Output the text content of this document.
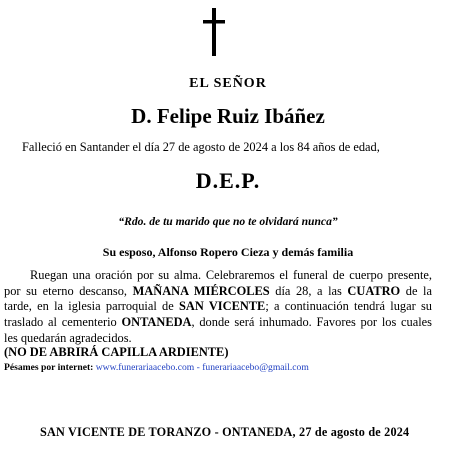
EL SEÑOR
D. Felipe Ruiz Ibáñez
Falleció en Santander el día 27 de agosto de 2024 a los 84 años de edad,
D.E.P.
“Rdo. de tu marido que no te olvidará nunca”
Su esposo, Alfonso Ropero Cieza y demás familia

Ruegan una oración por su alma. Celebraremos el funeral de cuerpo presente, por su eterno descanso, MAÑANA MIÉRCOLES día 28, a las CUATRO de la tarde, en la iglesia parroquial de SAN VICENTE; a continuación tendrá lugar su traslado al cementerio ONTANEDA, donde será inhumado. Favores por los cuales les quedarán agradecidos.

(NO DE ABRIRÁ CAPILLA ARDIENTE)
Pésames por internet: www.funerariaacebo.com - funerariaacebo@gmail.com
SAN VICENTE DE TORANZO - ONTANEDA, 27 de agosto de 2024
